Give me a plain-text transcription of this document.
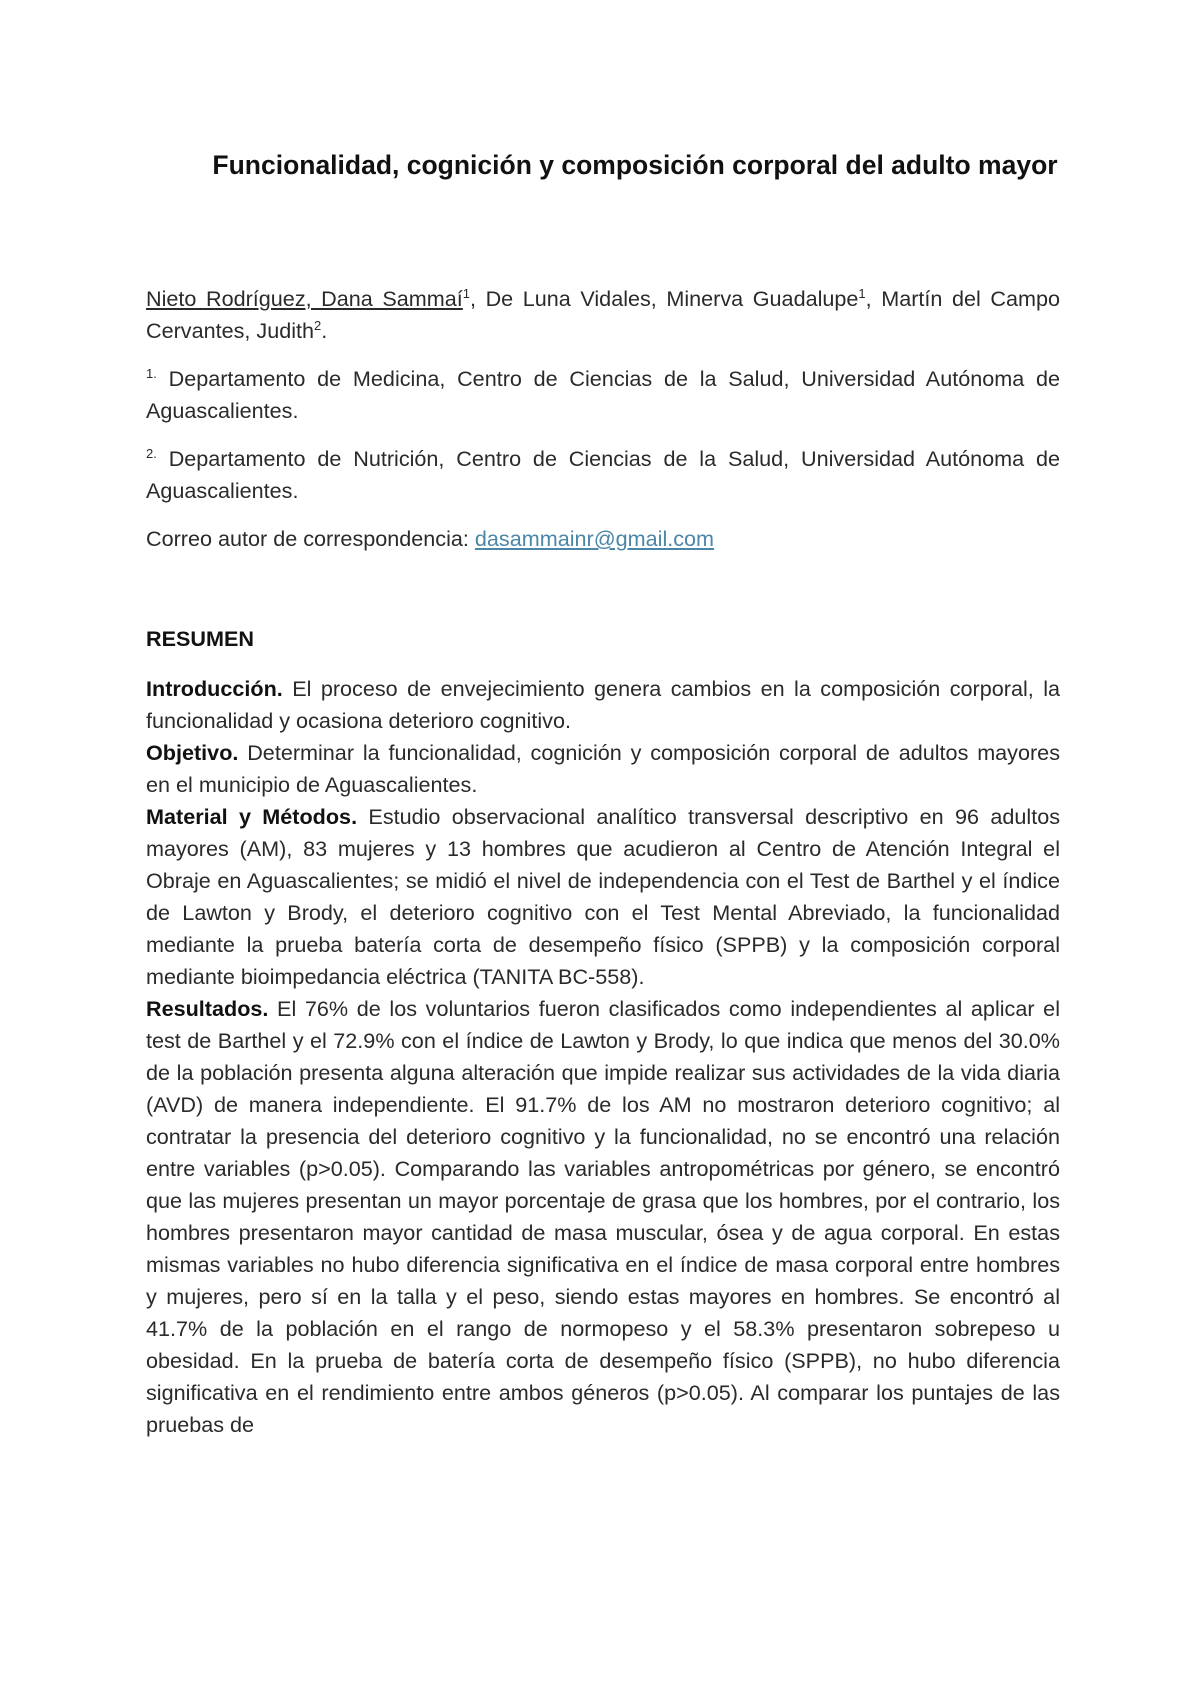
Funcionalidad, cognición y composición corporal del adulto mayor
Nieto Rodríguez, Dana Sammaí$^1$, De Luna Vidales, Minerva Guadalupe$^1$, Martín del Campo Cervantes, Judith$^2$.
$^{1.}$ Departamento de Medicina, Centro de Ciencias de la Salud, Universidad Autónoma de Aguascalientes.
$^{2.}$ Departamento de Nutrición, Centro de Ciencias de la Salud, Universidad Autónoma de Aguascalientes.
Correo autor de correspondencia: dasammainr@gmail.com
RESUMEN

Introducción. El proceso de envejecimiento genera cambios en la composición corporal, la funcionalidad y ocasiona deterioro cognitivo.

Objetivo. Determinar la funcionalidad, cognición y composición corporal de adultos mayores en el municipio de Aguascalientes.

Material y Métodos. Estudio observacional analítico transversal descriptivo en 96 adultos mayores (AM), 83 mujeres y 13 hombres que acudieron al Centro de Atención Integral el Obraje en Aguascalientes; se midió el nivel de independencia con el Test de Barthel y el índice de Lawton y Brody, el deterioro cognitivo con el Test Mental Abreviado, la funcionalidad mediante la prueba batería corta de desempeño físico (SPPB) y la composición corporal mediante bioimpedancia eléctrica (TANITA BC-558).

Resultados. El 76% de los voluntarios fueron clasificados como independientes al aplicar el test de Barthel y el 72.9% con el índice de Lawton y Brody, lo que indica que menos del 30.0% de la población presenta alguna alteración que impide realizar sus actividades de la vida diaria (AVD) de manera independiente. El 91.7% de los AM no mostraron deterioro cognitivo; al contratar la presencia del deterioro cognitivo y la funcionalidad, no se encontró una relación entre variables (p>0.05). Comparando las variables antropométricas por género, se encontró que las mujeres presentan un mayor porcentaje de grasa que los hombres, por el contrario, los hombres presentaron mayor cantidad de masa muscular, ósea y de agua corporal. En estas mismas variables no hubo diferencia significativa en el índice de masa corporal entre hombres y mujeres, pero sí en la talla y el peso, siendo estas mayores en hombres. Se encontró al 41.7% de la población en el rango de normopeso y el 58.3% presentaron sobrepeso u obesidad. En la prueba de batería corta de desempeño físico (SPPB), no hubo diferencia significativa en el rendimiento entre ambos géneros (p>0.05). Al comparar los puntajes de las pruebas de
